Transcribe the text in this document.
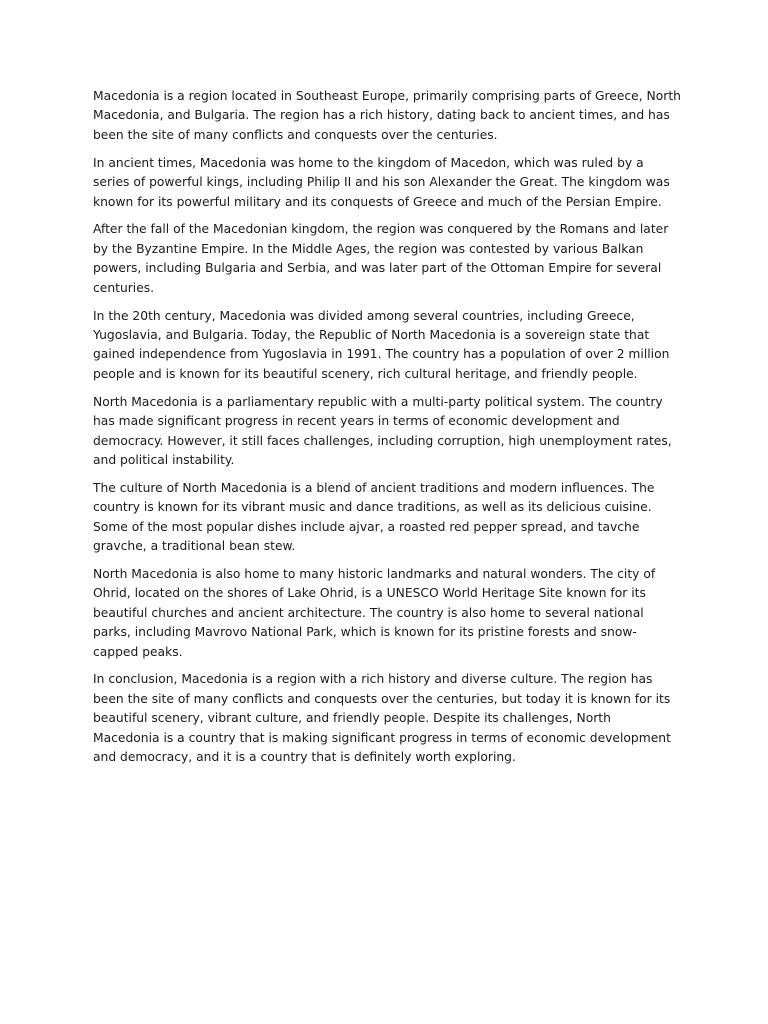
Macedonia is a region located in Southeast Europe, primarily comprising parts of Greece, North Macedonia, and Bulgaria. The region has a rich history, dating back to ancient times, and has been the site of many conflicts and conquests over the centuries.

In ancient times, Macedonia was home to the kingdom of Macedon, which was ruled by a series of powerful kings, including Philip II and his son Alexander the Great. The kingdom was known for its powerful military and its conquests of Greece and much of the Persian Empire.

After the fall of the Macedonian kingdom, the region was conquered by the Romans and later by the Byzantine Empire. In the Middle Ages, the region was contested by various Balkan powers, including Bulgaria and Serbia, and was later part of the Ottoman Empire for several centuries.

In the 20th century, Macedonia was divided among several countries, including Greece, Yugoslavia, and Bulgaria. Today, the Republic of North Macedonia is a sovereign state that gained independence from Yugoslavia in 1991. The country has a population of over 2 million people and is known for its beautiful scenery, rich cultural heritage, and friendly people.

North Macedonia is a parliamentary republic with a multi-party political system. The country has made significant progress in recent years in terms of economic development and democracy. However, it still faces challenges, including corruption, high unemployment rates, and political instability.

The culture of North Macedonia is a blend of ancient traditions and modern influences. The country is known for its vibrant music and dance traditions, as well as its delicious cuisine. Some of the most popular dishes include ajvar, a roasted red pepper spread, and tavche gravche, a traditional bean stew.

North Macedonia is also home to many historic landmarks and natural wonders. The city of Ohrid, located on the shores of Lake Ohrid, is a UNESCO World Heritage Site known for its beautiful churches and ancient architecture. The country is also home to several national parks, including Mavrovo National Park, which is known for its pristine forests and snow-capped peaks.

In conclusion, Macedonia is a region with a rich history and diverse culture. The region has been the site of many conflicts and conquests over the centuries, but today it is known for its beautiful scenery, vibrant culture, and friendly people. Despite its challenges, North Macedonia is a country that is making significant progress in terms of economic development and democracy, and it is a country that is definitely worth exploring.
